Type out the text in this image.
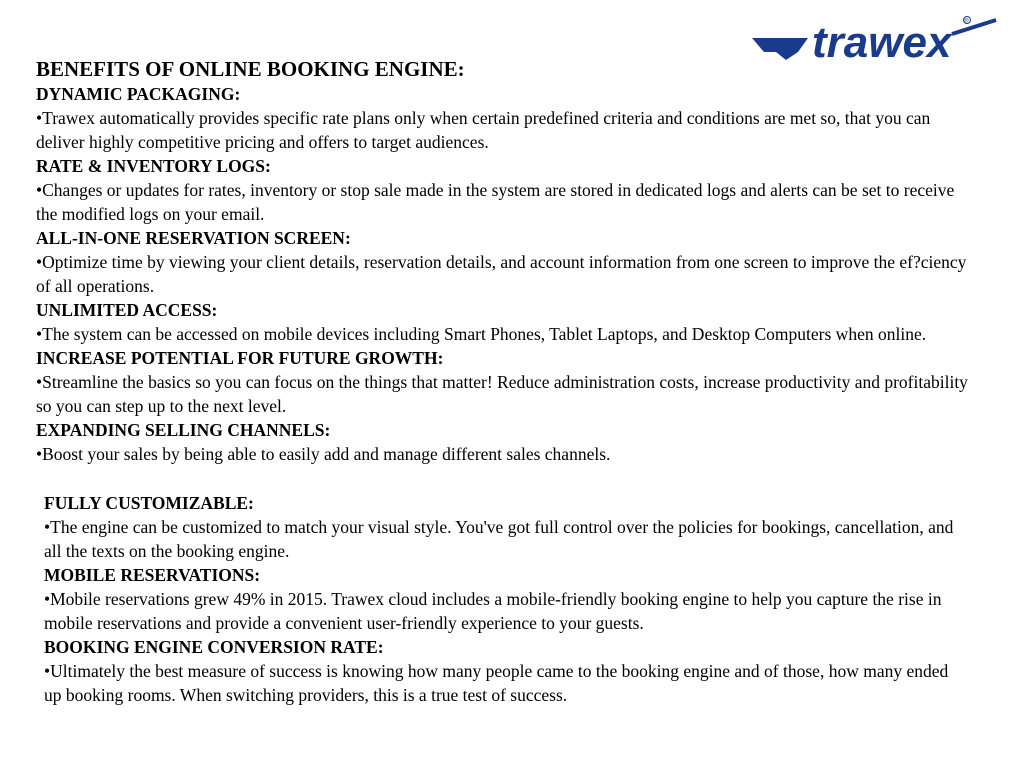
trawex ®
BENEFITS OF ONLINE BOOKING ENGINE:
DYNAMIC PACKAGING:
•Trawex automatically provides specific rate plans only when certain predefined criteria and conditions are met so, that you can deliver highly competitive pricing and offers to target audiences.
RATE & INVENTORY LOGS:
•Changes or updates for rates, inventory or stop sale made in the system are stored in dedicated logs and alerts can be set to receive the modified logs on your email.
ALL-IN-ONE RESERVATION SCREEN:
•Optimize time by viewing your client details, reservation details, and account information from one screen to improve the ef?ciency of all operations.
UNLIMITED ACCESS:
•The system can be accessed on mobile devices including Smart Phones, Tablet Laptops, and Desktop Computers when online.
INCREASE POTENTIAL FOR FUTURE GROWTH:
•Streamline the basics so you can focus on the things that matter! Reduce administration costs, increase productivity and profitability so you can step up to the next level.
EXPANDING SELLING CHANNELS:
•Boost your sales by being able to easily add and manage different sales channels.
FULLY CUSTOMIZABLE:
•The engine can be customized to match your visual style. You've got full control over the policies for bookings, cancellation, and all the texts on the booking engine.
MOBILE RESERVATIONS:
•Mobile reservations grew 49% in 2015. Trawex cloud includes a mobile-friendly booking engine to help you capture the rise in mobile reservations and provide a convenient user-friendly experience to your guests.
BOOKING ENGINE CONVERSION RATE:
•Ultimately the best measure of success is knowing how many people came to the booking engine and of those, how many ended up booking rooms. When switching providers, this is a true test of success.
